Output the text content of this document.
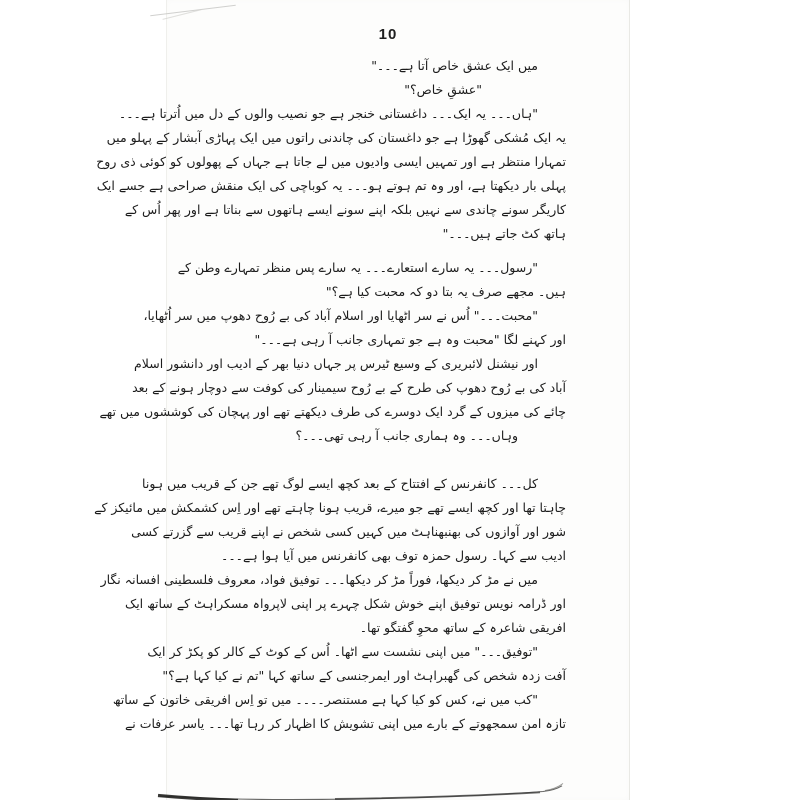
10
میں ایک عشق خاص آتا ہے۔۔۔"
"عشقِ خاص؟"
"ہاں۔۔۔ یہ ایک۔۔۔ داغستانی خنجر ہے جو نصیب والوں کے دل میں اُترتا ہے۔۔۔
یہ ایک مُشکی گھوڑا ہے جو داغستان کی چاندنی راتوں میں ایک پہاڑی آبشار کے پہلو میں
تمہارا منتظر ہے اور تمہیں ایسی وادیوں میں لے جاتا ہے جہاں کے پھولوں کو کوئی ذی روح
پہلی بار دیکھتا ہے، اور وہ تم ہوتے ہو۔۔۔ یہ کوباچی کی ایک منقش صراحی ہے جسے ایک
کاریگر سونے چاندی سے نہیں بلکہ اپنے سونے ایسے ہاتھوں سے بناتا ہے اور پھر اُس کے
ہاتھ کٹ جاتے ہیں۔۔۔"
"رسول۔۔۔ یہ سارے استعارے۔۔۔ یہ سارے پس منظر تمہارے وطن کے
ہیں۔ مجھے صرف یہ بتا دو کہ محبت کیا ہے؟"
"محبت۔۔۔" اُس نے سر اٹھایا اور اسلام آباد کی بے رُوح دھوپ میں سر اُٹھایا،
اور کہنے لگا "محبت وہ ہے جو تمہاری جانب آ رہی ہے۔۔۔"
اور نیشنل لائبریری کے وسیع ٹیرس پر جہاں دنیا بھر کے ادیب اور دانشور اسلام
آباد کی بے رُوح دھوپ کی طرح کے بے رُوح سیمینار کی کوفت سے دوچار ہونے کے بعد
چائے کی میزوں کے گرد ایک دوسرے کی طرف دیکھتے تھے اور پہچان کی کوششوں میں تھے
وہاں۔۔۔ وہ ہماری جانب آ رہی تھی۔۔۔؟
کل۔۔۔ کانفرنس کے افتتاح کے بعد کچھ ایسے لوگ تھے جن کے قریب میں ہونا
چاہتا تھا اور کچھ ایسے تھے جو میرے، قریب ہونا چاہتے تھے اور اِس کشمکش میں مائیکز کے
شور اور آوازوں کی بھنبھناہٹ میں کہیں کسی شخص نے اپنے قریب سے گزرتے کسی
ادیب سے کہا۔ رسول حمزہ توف بھی کانفرنس میں آیا ہوا ہے۔۔۔
میں نے مڑ کر دیکھا، فوراً مڑ کر دیکھا۔۔۔ توفیق فواد، معروف فلسطینی افسانہ نگار
اور ڈرامہ نویس توفیق اپنے خوش شکل چہرے پر اپنی لاپرواہ مسکراہٹ کے ساتھ ایک
افریقی شاعرہ کے ساتھ محوِ گفتگو تھا۔
"توفیق۔۔۔" میں اپنی نشست سے اٹھا۔ اُس کے کوٹ کے کالر کو پکڑ کر ایک
آفت زدہ شخص کی گھبراہٹ اور ایمرجنسی کے ساتھ کہا "تم نے کیا کہا ہے؟"
"کب میں نے، کس کو کیا کہا ہے مستنصر۔۔۔۔ میں تو اِس افریقی خاتون کے ساتھ
تازہ امن سمجھوتے کے بارے میں اپنی تشویش کا اظہار کر رہا تھا۔۔۔ یاسر عرفات نے
